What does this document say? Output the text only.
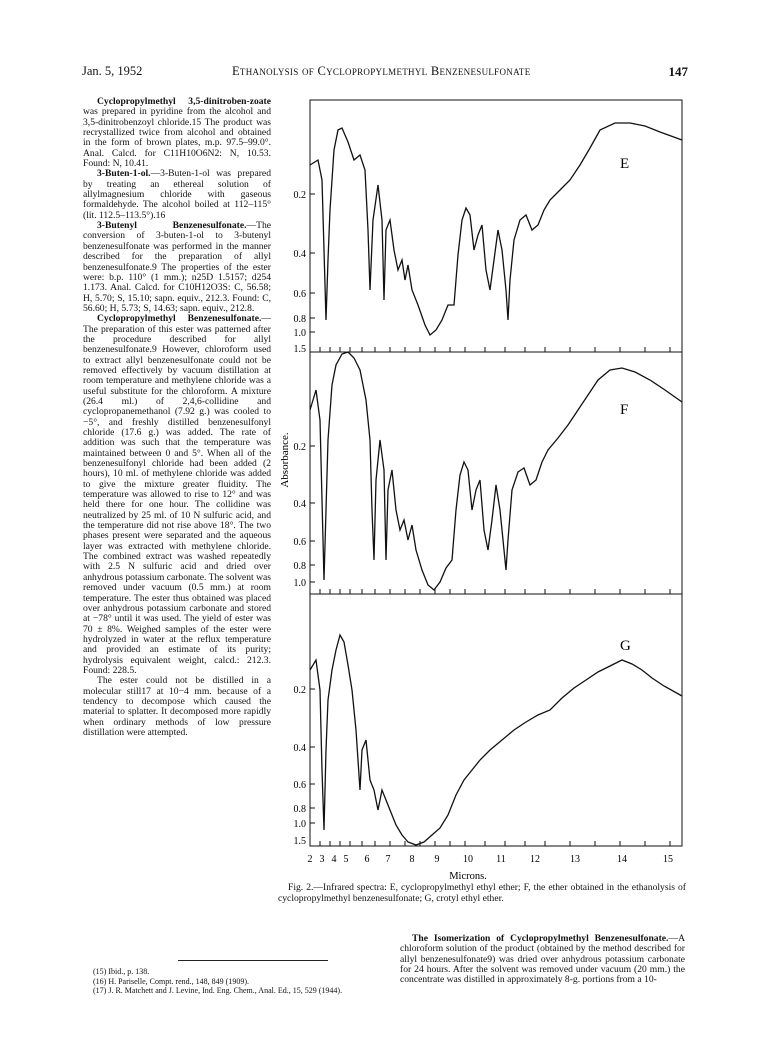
Jan. 5, 1952	Ethanolysis of Cyclopropylmethyl Benzenesulfonate	147

Cyclopropylmethyl 3,5-dinitroben-zoate was prepared in pyridine from the alcohol and 3,5-dinitrobenzoyl chloride.15 The product was recrystallized twice from alcohol and obtained in the form of brown plates, m.p. 97.5–99.0°. Anal. Calcd. for C11H10O6N2: N, 10.53. Found: N, 10.41.

3-Buten-1-ol.—3-Buten-1-ol was prepared by treating an ethereal solution of allylmagnesium chloride with gaseous formaldehyde. The alcohol boiled at 112–115° (lit. 112.5–113.5°).16

3-Butenyl Benzenesulfonate.—The conversion of 3-buten-1-ol to 3-butenyl benzenesulfonate was performed in the manner described for the preparation of allyl benzenesulfonate.9 The properties of the ester were: b.p. 110° (1 mm.); n25D 1.5157; d254 1.173. Anal. Calcd. for C10H12O3S: C, 56.58; H, 5.70; S, 15.10; sapn. equiv., 212.3. Found: C, 56.60; H, 5.73; S, 14.63; sapn. equiv., 212.8.

Cyclopropylmethyl Benzenesulfonate.—The preparation of this ester was patterned after the procedure described for allyl benzenesulfonate.9 However, chloroform used to extract allyl benzenesulfonate could not be removed effectively by vacuum distillation at room temperature and methylene chloride was a useful substitute for the chloroform. A mixture (26.4 ml.) of 2,4,6-collidine and cyclopropanemethanol (7.92 g.) was cooled to −5°, and freshly distilled benzenesulfonyl chloride (17.6 g.) was added. The rate of addition was such that the temperature was maintained between 0 and 5°. When all of the benzenesulfonyl chloride had been added (2 hours), 10 ml. of methylene chloride was added to give the mixture greater fluidity. The temperature was allowed to rise to 12° and was held there for one hour. The collidine was neutralized by 25 ml. of 10 N sulfuric acid, and the temperature did not rise above 18°. The two phases present were separated and the aqueous layer was extracted with methylene chloride. The combined extract was washed repeatedly with 2.5 N sulfuric acid and dried over anhydrous potassium carbonate. The solvent was removed under vacuum (0.5 mm.) at room temperature. The ester thus obtained was placed over anhydrous potassium carbonate and stored at −78° until it was used. The yield of ester was 70 ± 8%. Weighed samples of the ester were hydrolyzed in water at the reflux temperature and provided an estimate of its purity; hydrolysis equivalent weight, calcd.: 212.3. Found: 228.5.

The ester could not be distilled in a molecular still17 at 10−4 mm. because of a tendency to decompose which caused the material to splatter. It decomposed more rapidly when ordinary methods of low pressure distillation were attempted.

E
0.2
0.4
0.6
0.8
1.0
1.5
F
0.2
0.4
0.6
0.8
1.0
Absorbance.
G
0.2
0.4
0.6
0.8
1.0
1.5
2 3 4 5 6 7 8 9 10 11 12	13	14	15
Microns.

Fig. 2.—Infrared spectra: E, cyclopropylmethyl ethyl ether; F, the ether obtained in the ethanolysis of cyclopropylmethyl benzenesulfonate; G, crotyl ethyl ether.

(15) Ibid., p. 138.

(16) H. Pariselle, Compt. rend., 148, 849 (1909).

(17) J. R. Matchett and J. Levine, Ind. Eng. Chem., Anal. Ed., 15, 529 (1944).

The Isomerization of Cyclopropylmethyl Benzenesulfonate.—A chloroform solution of the product (obtained by the method described for allyl benzenesulfonate9) was dried over anhydrous potassium carbonate for 24 hours. After the solvent was removed under vacuum (20 mm.) the concentrate was distilled in approximately 8-g. portions from a 10-
